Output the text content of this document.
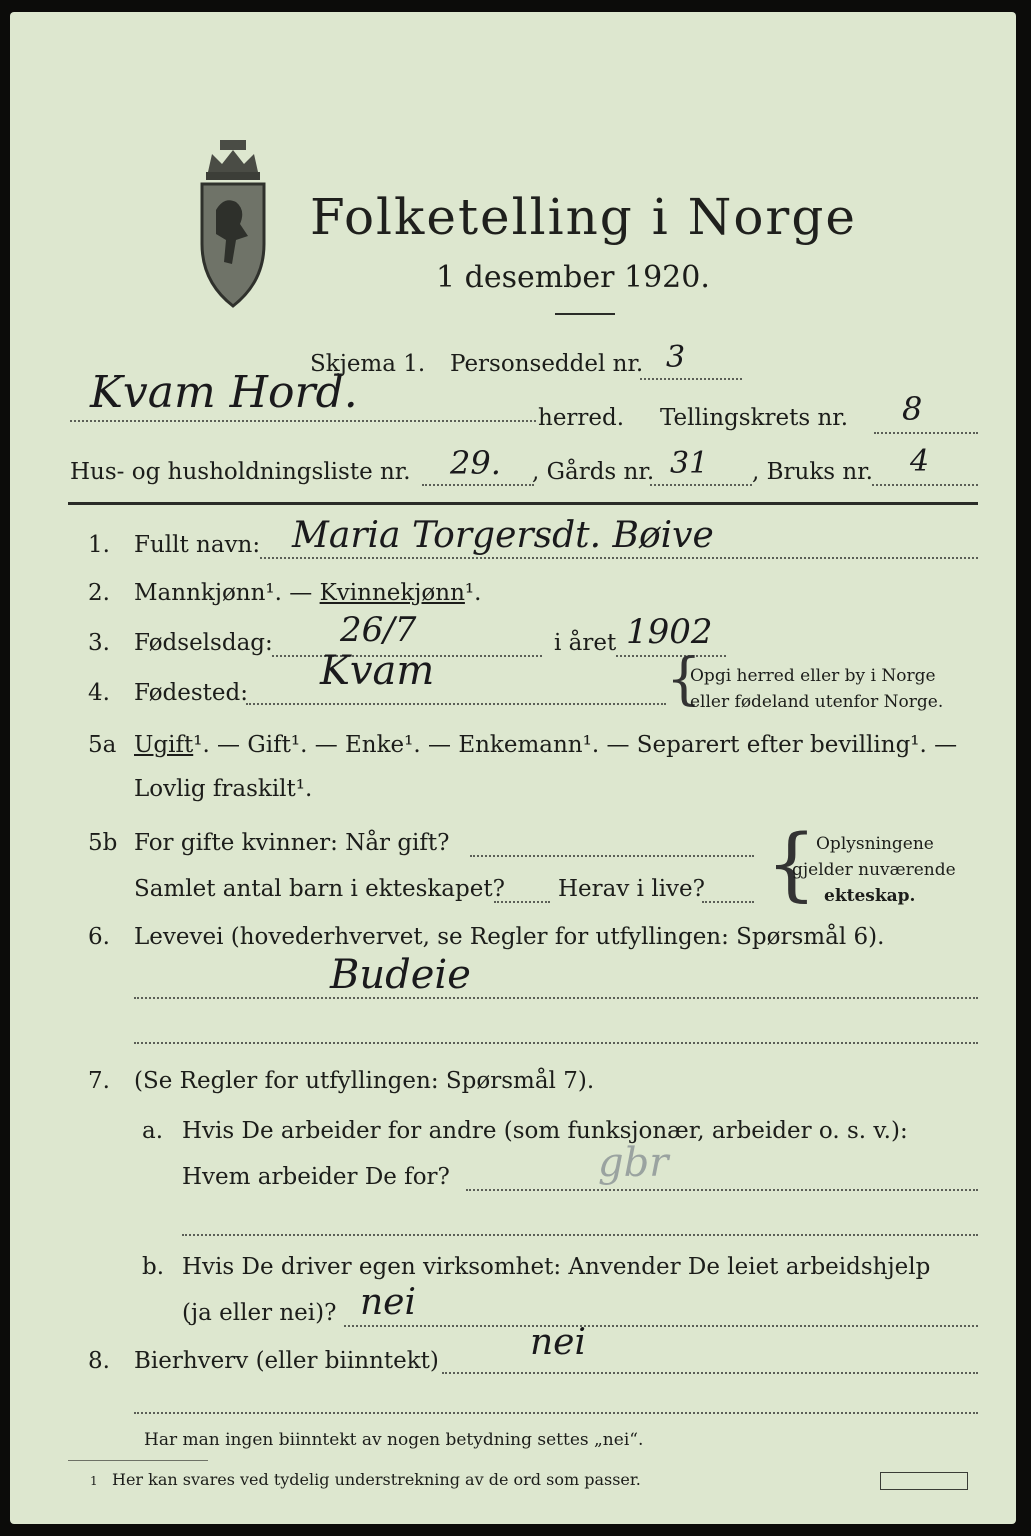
Folketelling i Norge
1 desember 1920.
Skjema 1. Personseddel nr. 3
Kvam Hord.	herred. Tellingskrets nr. 8
Hus- og husholdningsliste nr. 29. , Gårds nr. 31 , Bruks nr. 4
1. Fullt navn: Maria Torgersdt. Bøive
2. Mannkjønn¹. — Kvinnekjønn¹.
3. Fødselsdag: 26/7	i året 1902
4. Fødested: Kvam	{
Opgi herred eller by i Norge
eller fødeland utenfor Norge.
5a Ugift¹. — Gift¹. — Enke¹. — Enkemann¹. — Separert efter bevilling¹. —
Lovlig fraskilt¹.
5b For gifte kvinner: Når gift?
Samlet antal barn i ekteskapet? Herav i live? { Oplysningene
gjelder nuværende
ekteskap.
6. Levevei (hovederhvervet, se Regler for utfyllingen: Spørsmål 6).
Budeie
7. (Se Regler for utfyllingen: Spørsmål 7).
a. Hvis De arbeider for andre (som funksjonær, arbeider o. s. v.):
Hvem arbeider De for?	gbr
b. Hvis De driver egen virksomhet: Anvender De leiet arbeidshjelp
(ja eller nei)? nei
8. Bierhverv (eller biinntekt)	nei
Har man ingen biinntekt av nogen betydning settes „nei“.
1 Her kan svares ved tydelig understrekning av de ord som passer.
